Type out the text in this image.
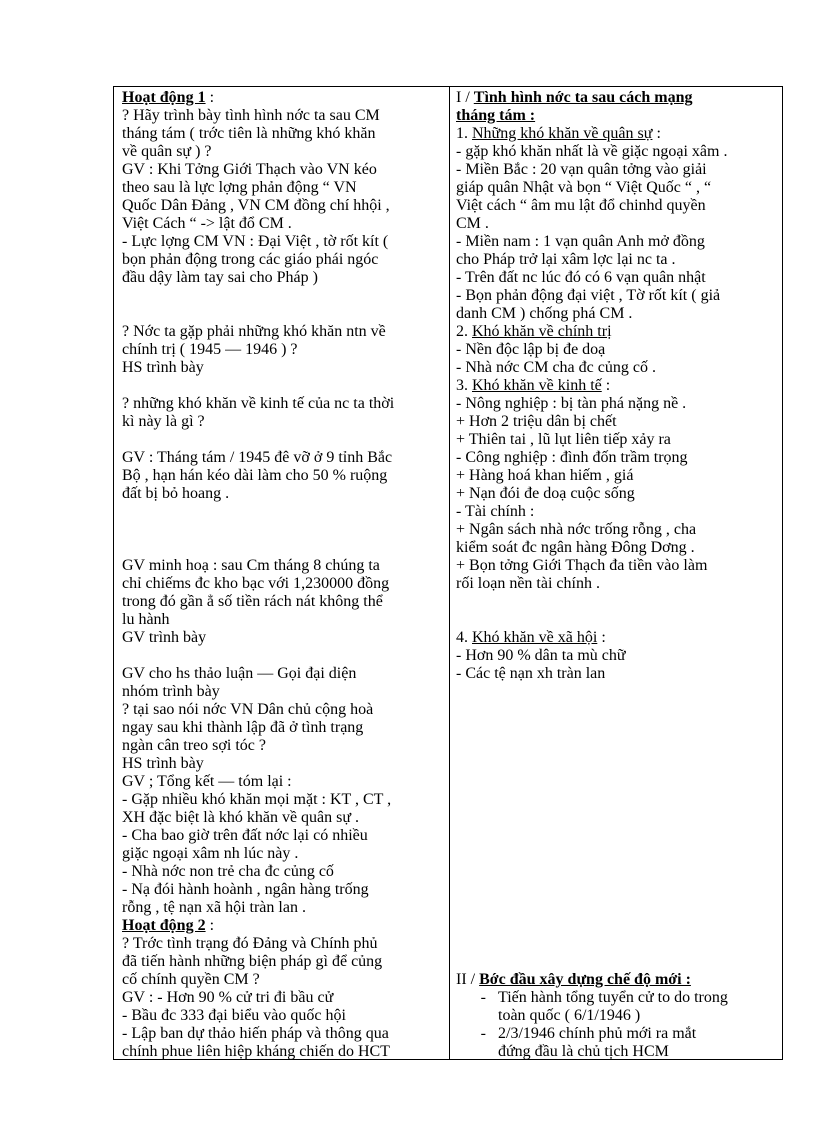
Hoạt động 1 :
? Hãy trình bày tình hình nớc ta sau CM
tháng tám ( trớc tiên là những khó khăn
về quân sự ) ?
GV : Khi Tởng Giới Thạch vào VN kéo
theo sau là lực lợng phản động “ VN
Quốc Dân Đảng , VN CM đồng chí hhội ,
Việt Cách “ -> lật đổ CM .
- Lực lợng CM VN : Đại Việt , tờ rốt kít (
bọn phản động trong các giáo phái ngóc
đầu dậy làm tay sai cho Pháp )
? Nớc ta gặp phải những khó khăn ntn về
chính trị ( 1945 — 1946 ) ?
HS trình bày
? những khó khăn về kinh tế của nc ta thời
kì này là gì ?
GV : Tháng tám / 1945 đê vỡ ở 9 tỉnh Bắc
Bộ , hạn hán kéo dài làm cho 50 % ruộng
đất bị bỏ hoang .
GV minh hoạ : sau Cm tháng 8 chúng ta
chỉ chiếms đc kho bạc với 1,230000 đồng
trong đó gần ẳ số tiền rách nát không thể
lu hành
GV trình bày
GV cho hs thảo luận — Gọi đại diện
nhóm trình bày
? tại sao nói nớc VN Dân chủ cộng hoà
ngay sau khi thành lập đã ở tình trạng
ngàn cân treo sợi tóc ?
HS trình bày
GV ; Tổng kết — tóm lại :
- Gặp nhiều khó khăn mọi mặt : KT , CT ,
XH đặc biệt là khó khăn về quân sự .
- Cha bao giờ trên đất nớc lại có nhiều
giặc ngoại xâm nh lúc này .
- Nhà nớc non trẻ cha đc củng cố
- Nạ đói hành hoành , ngân hàng trống
rỗng , tệ nạn xã hội tràn lan .
Hoạt động 2 :
? Trớc tình trạng đó Đảng và Chính phủ
đã tiến hành những biện pháp gì để củng
cố chính quyền CM ?
GV : - Hơn 90 % cử tri đi bầu cử
- Bầu đc 333 đại biểu vào quốc hội
- Lập ban dự thảo hiến pháp và thông qua
chính phue liên hiệp kháng chiến do HCT
I / Tình hình nớc ta sau cách mạng
tháng tám :
1. Những khó khăn về quân sự :
- gặp khó khăn nhất là về giặc ngoại xâm .
- Miền Bắc : 20 vạn quân tởng vào giải
giáp quân Nhật và bọn “ Việt Quốc “ , “
Việt cách “ âm mu lật đổ chinhd quyền
CM .
- Miền nam : 1 vạn quân Anh mở đồng
cho Pháp trở lại xâm lợc lại nc ta .
- Trên đất nc lúc đó có 6 vạn quân nhật
- Bọn phản động đại việt , Tờ rốt kít ( giả
danh CM ) chống phá CM .
2. Khó khăn về chính trị
- Nền độc lập bị đe doạ
- Nhà nớc CM cha đc củng cố .
3. Khó khăn về kinh tế :
- Nông nghiệp : bị tàn phá nặng nề .
+ Hơn 2 triệu dân bị chết
+ Thiên tai , lũ lụt liên tiếp xảy ra
- Công nghiệp : đình đốn trầm trọng
+ Hàng hoá khan hiếm , giá
+ Nạn đói đe doạ cuộc sống
- Tài chính :
+ Ngân sách nhà nớc trống rỗng , cha
kiểm soát đc ngân hàng Đông Dơng .
+ Bọn tởng Giới Thạch đa tiền vào làm
rối loạn nền tài chính .
4. Khó khăn về xã hội :
- Hơn 90 % dân ta mù chữ
- Các tệ nạn xh tràn lan
II / Bớc đầu xây dựng chế độ mới :
- Tiến hành tổng tuyển cử to do trong
toàn quốc ( 6/1/1946 )
- 2/3/1946 chính phủ mới ra mắt
đứng đầu là chủ tịch HCM
